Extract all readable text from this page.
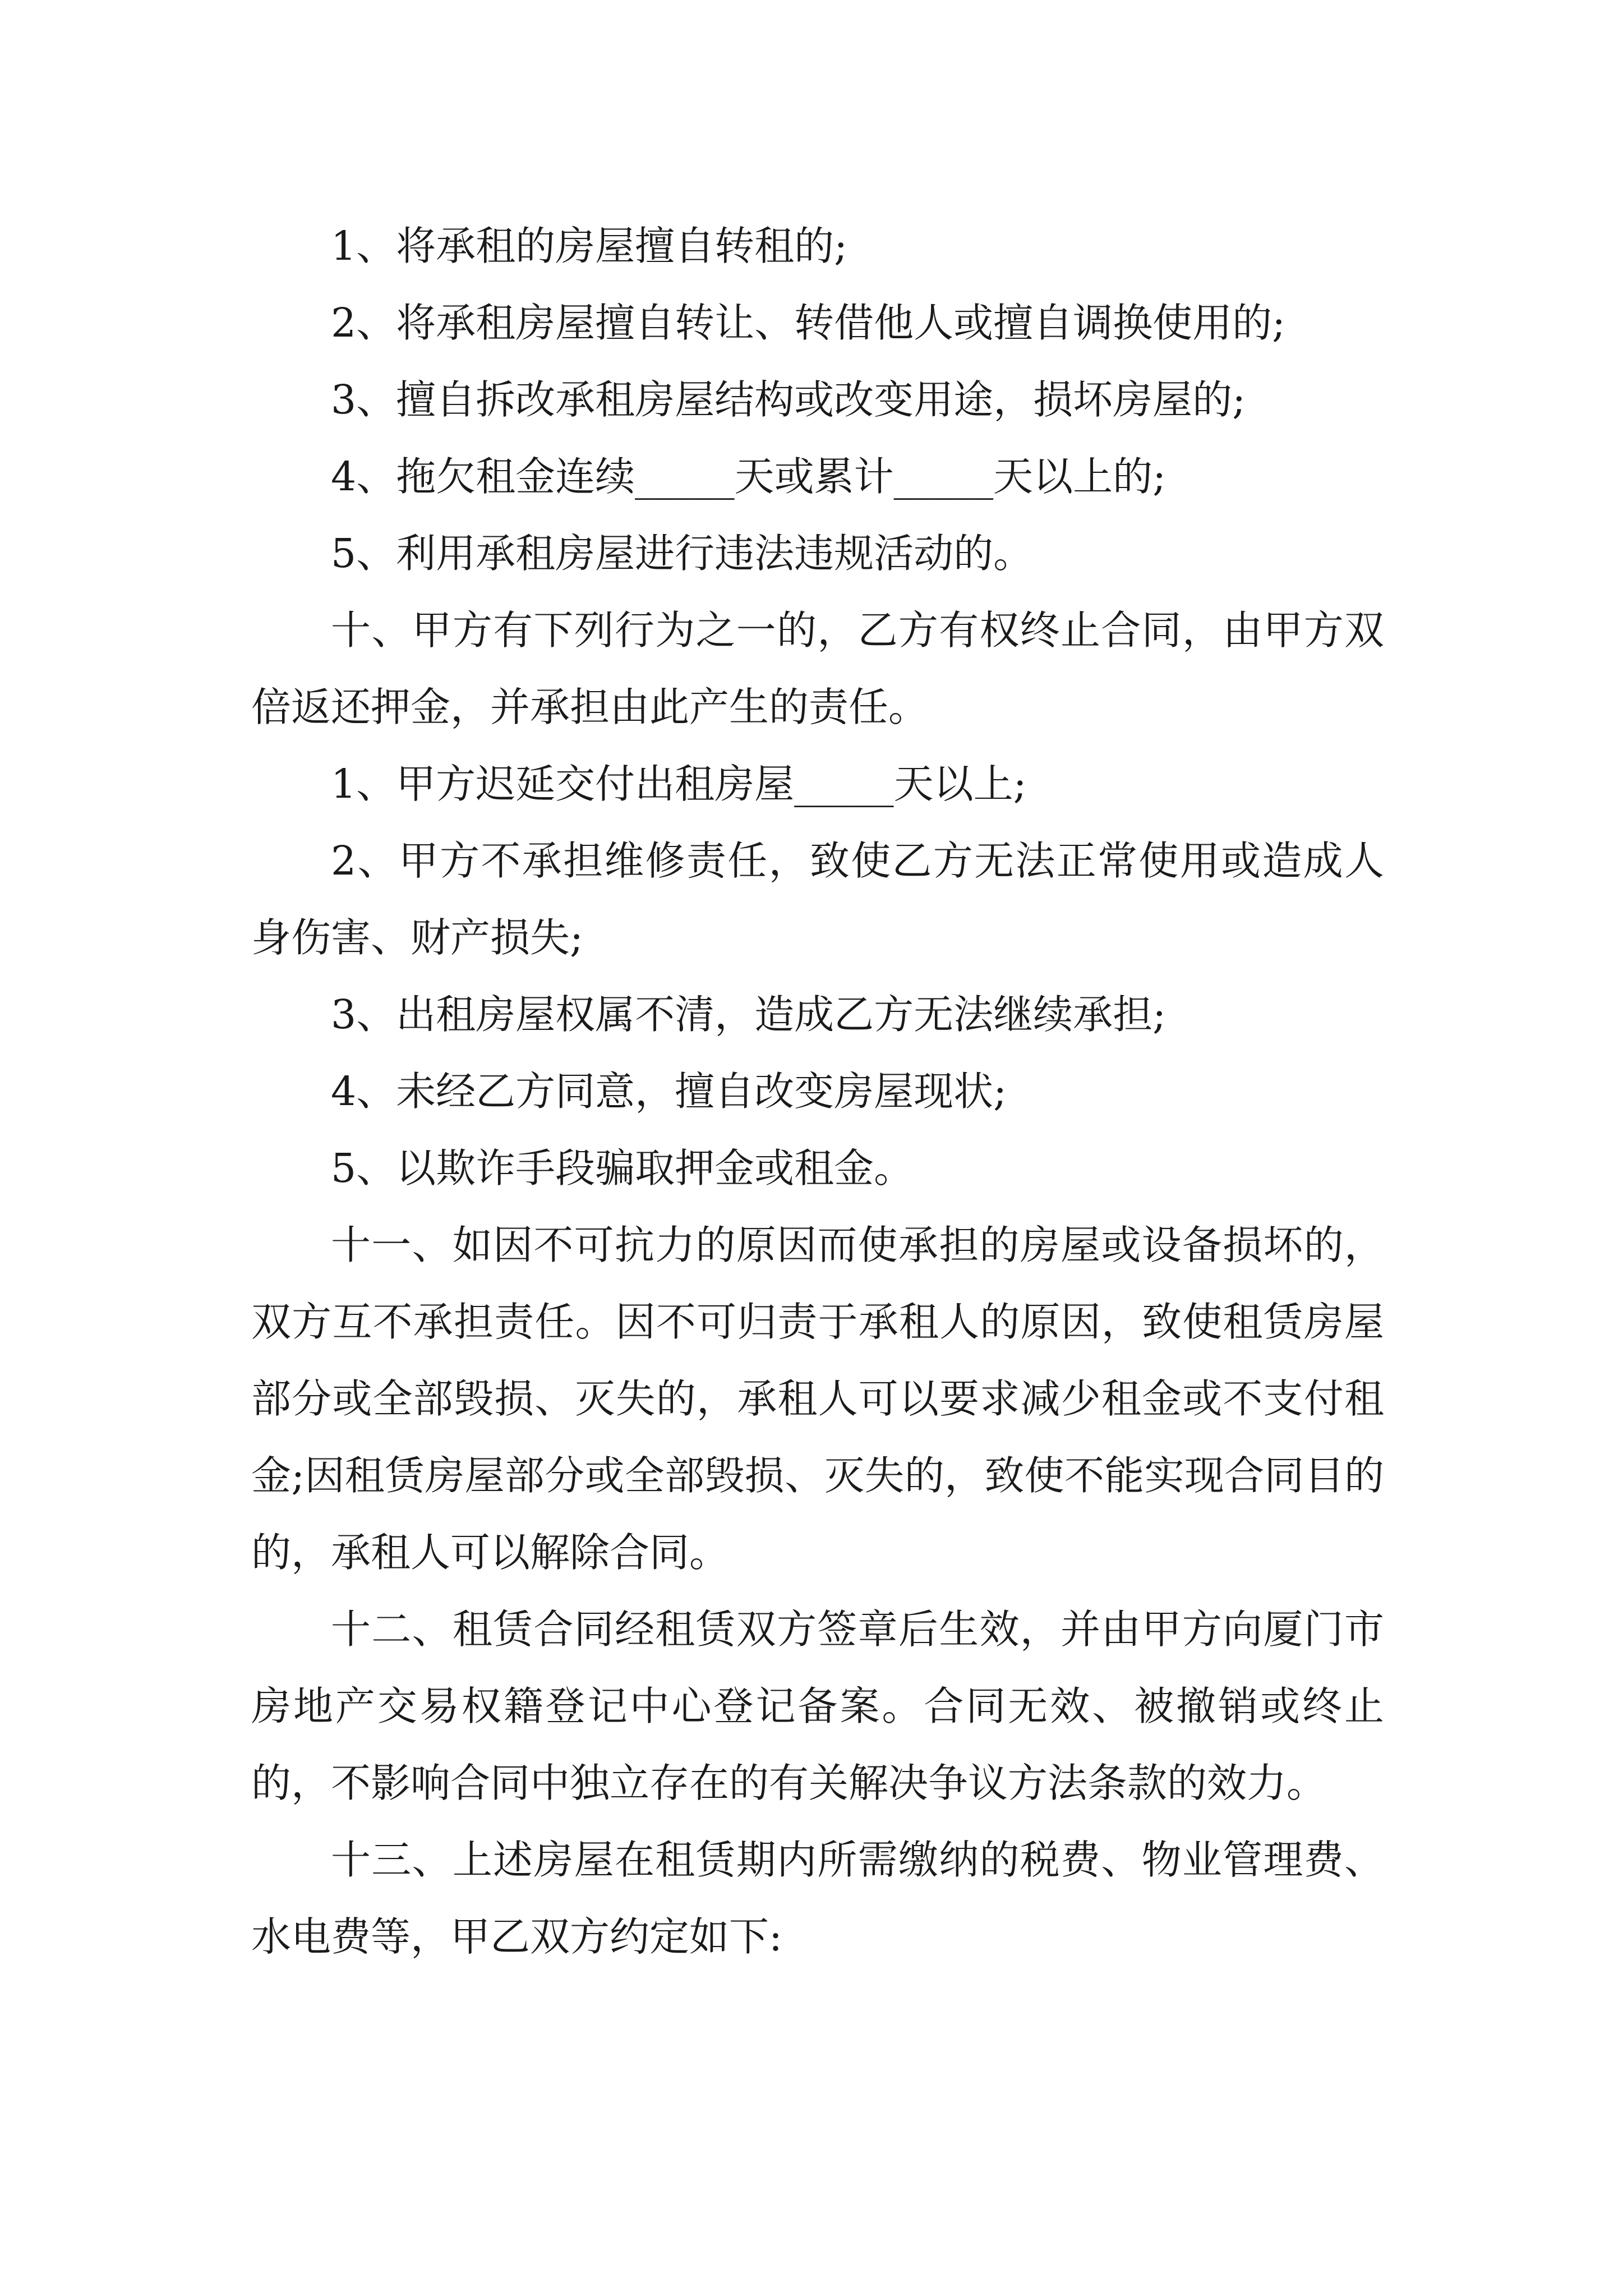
1、将承租的房屋擅自转租的;

2、将承租房屋擅自转让、转借他人或擅自调换使用的;

3、擅自拆改承租房屋结构或改变用途，损坏房屋的;

4、拖欠租金连续_____天或累计_____天以上的;

5、利用承租房屋进行违法违规活动的。

十、甲方有下列行为之一的，乙方有权终止合同，由甲方双倍返还押金，并承担由此产生的责任。

1、甲方迟延交付出租房屋_____天以上;

2、甲方不承担维修责任，致使乙方无法正常使用或造成人身伤害、财产损失;

3、出租房屋权属不清，造成乙方无法继续承担;

4、未经乙方同意，擅自改变房屋现状;

5、以欺诈手段骗取押金或租金。

十一、如因不可抗力的原因而使承担的房屋或设备损坏的，双方互不承担责任。因不可归责于承租人的原因，致使租赁房屋部分或全部毁损、灭失的，承租人可以要求减少租金或不支付租金;因租赁房屋部分或全部毁损、灭失的，致使不能实现合同目的的，承租人可以解除合同。

十二、租赁合同经租赁双方签章后生效，并由甲方向厦门市房地产交易权籍登记中心登记备案。合同无效、被撤销或终止的，不影响合同中独立存在的有关解决争议方法条款的效力。

十三、上述房屋在租赁期内所需缴纳的税费、物业管理费、水电费等，甲乙双方约定如下:
